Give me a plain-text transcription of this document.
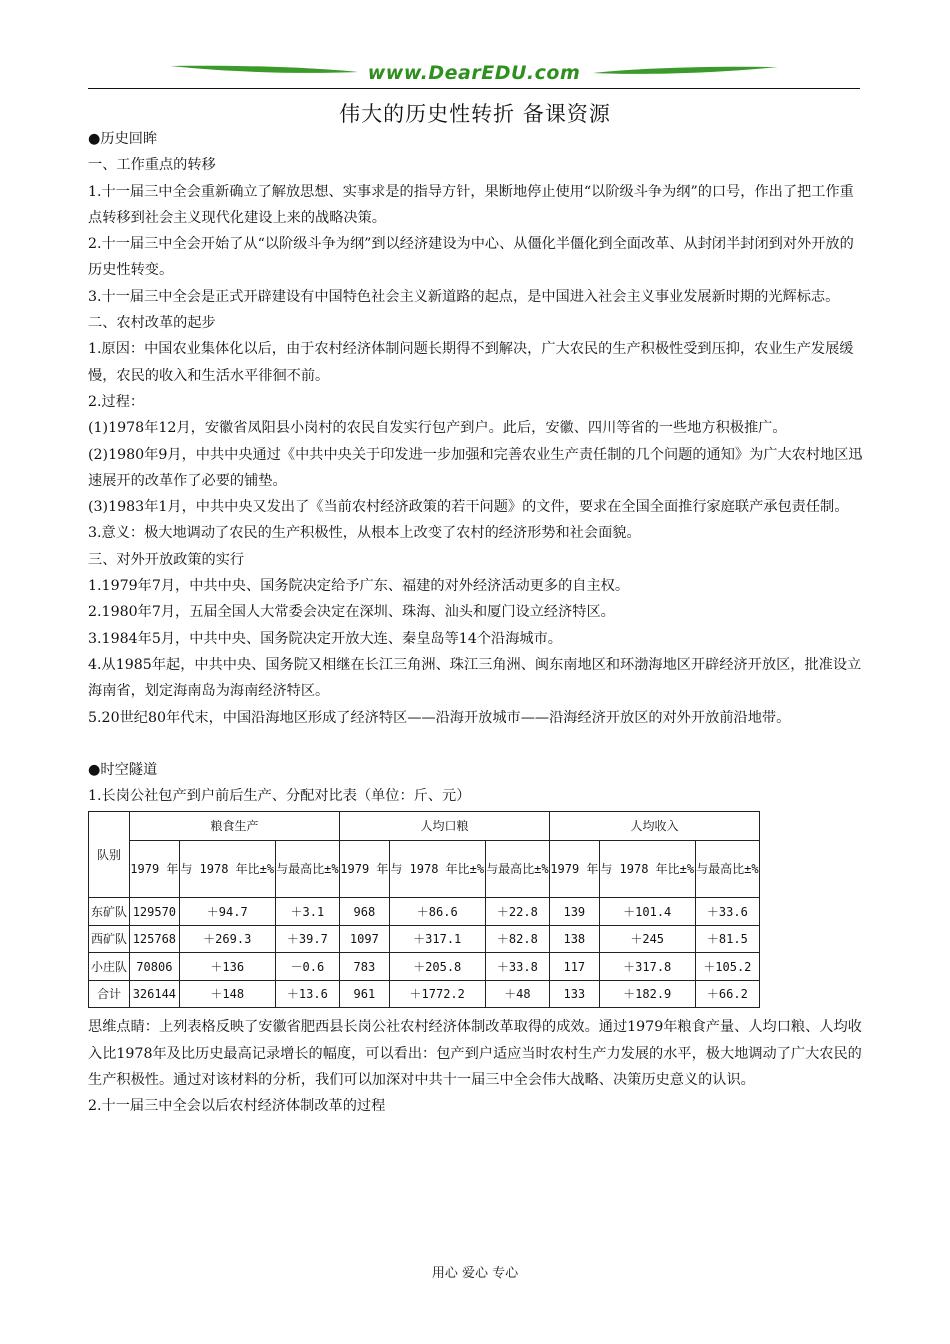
www.DearEDU.com
伟大的历史性转折 备课资源

●历史回眸

一、工作重点的转移

1.十一届三中全会重新确立了解放思想、实事求是的指导方针，果断地停止使用“以阶级斗争为纲”的口号，作出了把工作重点转移到社会主义现代化建设上来的战略决策。

2.十一届三中全会开始了从“以阶级斗争为纲”到以经济建设为中心、从僵化半僵化到全面改革、从封闭半封闭到对外开放的历史性转变。

3.十一届三中全会是正式开辟建设有中国特色社会主义新道路的起点，是中国进入社会主义事业发展新时期的光辉标志。

二、农村改革的起步

1.原因：中国农业集体化以后，由于农村经济体制问题长期得不到解决，广大农民的生产积极性受到压抑，农业生产发展缓慢，农民的收入和生活水平徘徊不前。

2.过程：

(1)1978年12月，安徽省凤阳县小岗村的农民自发实行包产到户。此后，安徽、四川等省的一些地方积极推广。

(2)1980年9月，中共中央通过《中共中央关于印发进一步加强和完善农业生产责任制的几个问题的通知》为广大农村地区迅速展开的改革作了必要的铺垫。

(3)1983年1月，中共中央又发出了《当前农村经济政策的若干问题》的文件，要求在全国全面推行家庭联产承包责任制。

3.意义：极大地调动了农民的生产积极性，从根本上改变了农村的经济形势和社会面貌。

三、对外开放政策的实行

1.1979年7月，中共中央、国务院决定给予广东、福建的对外经济活动更多的自主权。

2.1980年7月，五届全国人大常委会决定在深圳、珠海、汕头和厦门设立经济特区。

3.1984年5月，中共中央、国务院决定开放大连、秦皇岛等14个沿海城市。

4.从1985年起，中共中央、国务院又相继在长江三角洲、珠江三角洲、闽东南地区和环渤海地区开辟经济开放区，批准设立海南省，划定海南岛为海南经济特区。

5.20世纪80年代末，中国沿海地区形成了经济特区——沿海开放城市——沿海经济开放区的对外开放前沿地带。

●时空隧道

1.长岗公社包产到户前后生产、分配对比表（单位：斤、元）

队别	粮食生产			人均口粮			人均收入		
	1979 年	与 1978 年比±%	与最高比±%	1979 年	与 1978 年比±%	与最高比±%	1979 年	与 1978 年比±%	与最高比±%
东矿队	129570	＋94.7	＋3.1	968	＋86.6	＋22.8	139	＋101.4	＋33.6
西矿队	125768	＋269.3	＋39.7	1097	＋317.1	＋82.8	138	＋245	＋81.5
小庄队	70806	＋136	－0.6	783	＋205.8	＋33.8	117	＋317.8	＋105.2
合计	326144	＋148	＋13.6	961	＋1772.2	＋48	133	＋182.9	＋66.2

思维点睛：上列表格反映了安徽省肥西县长岗公社农村经济体制改革取得的成效。通过1979年粮食产量、人均口粮、人均收入比1978年及比历史最高记录增长的幅度，可以看出：包产到户适应当时农村生产力发展的水平，极大地调动了广大农民的生产积极性。通过对该材料的分析，我们可以加深对中共十一届三中全会伟大战略、决策历史意义的认识。

2.十一届三中全会以后农村经济体制改革的过程

用心 爱心 专心
